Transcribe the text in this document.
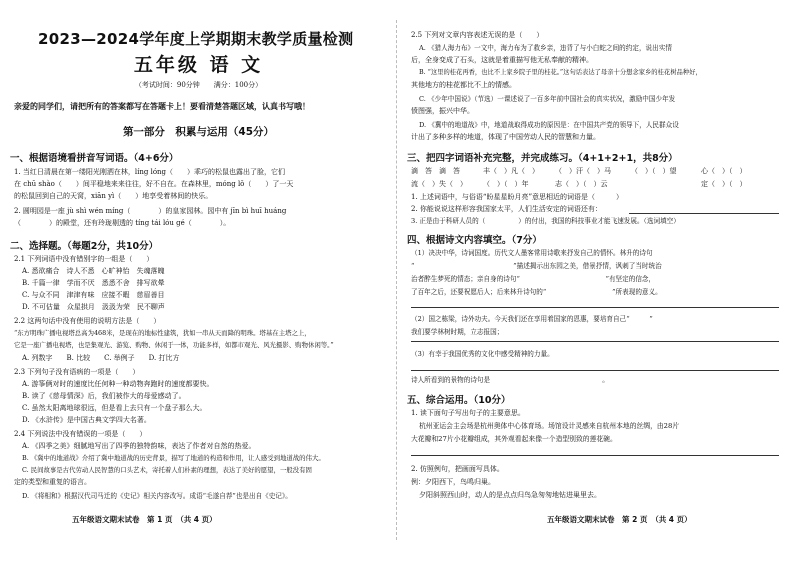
2023—2024学年度上学期期末教学质量检测
五年级 语 文
（考试时间：90分钟　　满分：100分）
亲爱的同学们，请把所有的答案都写在答题卡上！要看清楚答题区域，认真书写哦！
第一部分　积累与运用（45分）
一、根据语境看拼音写词语。（4+6分）
1. 当红日清晨在第一缕阳光刚洒在林，líng lóng（　　）乖巧的松鼠也露出了脸，它们
在 chū shào（　　）间平稳地来来往往，好不自在。在森林里，móng lǒ（　　）了一天
的松鼠回到自己的天窝，xiān yì（　　）地享受着林间的快乐。
2. 圆明园是一座 jù shì wén míng（　　　　）的皇家园林。园中有 jīn bì huī huáng
（　　　　）的殿堂，还有玲珑剔透的 tíng tái lóu gé（　　　　）。
二、选择题。（每题2分，共10分）
2.1 下列词语中没有错别字的一组是（　　）
A. 悉欲痛合　诗人不悉　心旷神怡　失魂落魄
B. 千篇一律　学而不厌　悉悉不舍　排写欲晕
C. 与众不同　津津有味　应接不暇　慈眉善目
D. 不可估量　众星拱月　汲汲为荣　民不聊声
2.2 这两句话中没有使用的说明方法是（　　）
“东方明珠广播电视塔总高为468米，是现在的地标性建筑，犹如一串从天而降的明珠。塔基在主塔之上，
它是一座广播电视塔，也是集观光、游览、购物、休闲于一体，功能多样，如都市观光、风光摄影、购物休闲等。”
A. 列数字　　B. 比较　　C. 举例子　　D. 打比方
2.3 下列句子没有语病的一项是（　　）
A. 游筝俩对时的速度比任何种一种动物奔跑时的速度都要快。
B. 读了《慈母情深》后，我们被作大的母爱感动了。
C. 虽然太阳离地球很远，但是看上去只有一个盘子那么大。
D. 《水浒传》是中国古典文学四大名著。
2.4 下列说法中没有错误的一项是（　　）
A. 《四季之美》细腻地写出了四季的独特韵味，表达了作者对自然的热爱。
B. 《冀中的地道战》介绍了冀中地道战的历史背景，描写了地道的构造和作用，让人感受到地道战的伟大。
C. 民间故事是古代劳动人民智慧的口头艺术，寄托着人们朴素的理想，表达了美好的愿望，一般没有固
定的类型和重复的语言。
D. 《将相和》根据汉代司马迁的《史记》相关内容改写。成语“毛遂自荐”也是出自《史记》。
五年级语文期末试卷　第 1 页　（共 4 页）
2.5 下列对文章内容表述无误的是（　　）
A. 《猎人海力布》一文中，海力布为了救乡亲，违背了与小白蛇之间的约定，说出实情
后，全身变成了石头，这就是着重描写他无私奉献的精神。
B. “这里的桂花再香，也比不上家乡院子里的桂花。”这句话表达了母亲十分想念家乡的桂花树品种好，
其他地方的桂花都比不上的情感。
C. 《少年中国说》（节选）一课述说了一百多年前中国社会的真实状况，激励中国少年发
愤图强，振兴中华。
D. 《冀中的地道战》中，地道战取得成功的原因是：在中国共产党的领导下，人民群众设
计出了多种多样的地道，体现了中国劳动人民的智慧和力量。
三、把四字词语补充完整，并完成练习。（4+1+2+1，共8分）
滴　答　滴　答	丰（　）凡（　） （　）汗（　）马	（　）（　）望	心（　）（　）
流（　）失（　） （　）（　）年	志（　）（　）云	定（　）（　）
1. 上述词语中，与俗语“盼星星盼月亮”意思相近的词语是（　　　）
2. 你能说说这样形容我国家太平，人们生活安定的词语还有：
3. 正是由于科研人员的（　　　　　）的付出，我国的科技事业才能飞速发展。（选词填空）
四、根据诗文内容填空。（7分）
（1）决决中华，诗词国度。历代文人墨客常用诗歌来抒发自己的情怀。林升的诗句
“　　　　　　　　　　　　　　　”描述揭示出东园之美，借景抒情，讽刺了当时统治
治者醉生梦死的情态；亲自身的诗句“　　　　　　　　　　　　　”有坚定的信念，
了百年之后，还要祝愿后人；后来林升诗句的“　　　　　　　　　　”所表现的意义。
（2）国之栋梁，诗外功夫。今天我们还在享用着国家的恩惠，要培育自己“　　　”
我们要学林树时期，立志报国；
（3）有幸于我国优秀的文化中感受精神的力量。
诗人所看到的景物的诗句是　　　　　　　　　　　　　　　　　。
五、综合运用。（10分）
1. 读下面句子写出句子的主要意思。
杭州亚运会主会场是杭州奥体中心体育场。场馆设计灵感来自杭州本地的丝绸，由28片
大花瓣和27片小花瓣组成，其外观看起来像一个造型别致的莲花碗。
2. 仿照例句，把画面写具体。
例：夕阳西下，鸟鸣归巢。
夕阳斜照西山时，动人的是点点归鸟急匆匆地钻进巢里去。
五年级语文期末试卷　第 2 页　（共 4 页）
